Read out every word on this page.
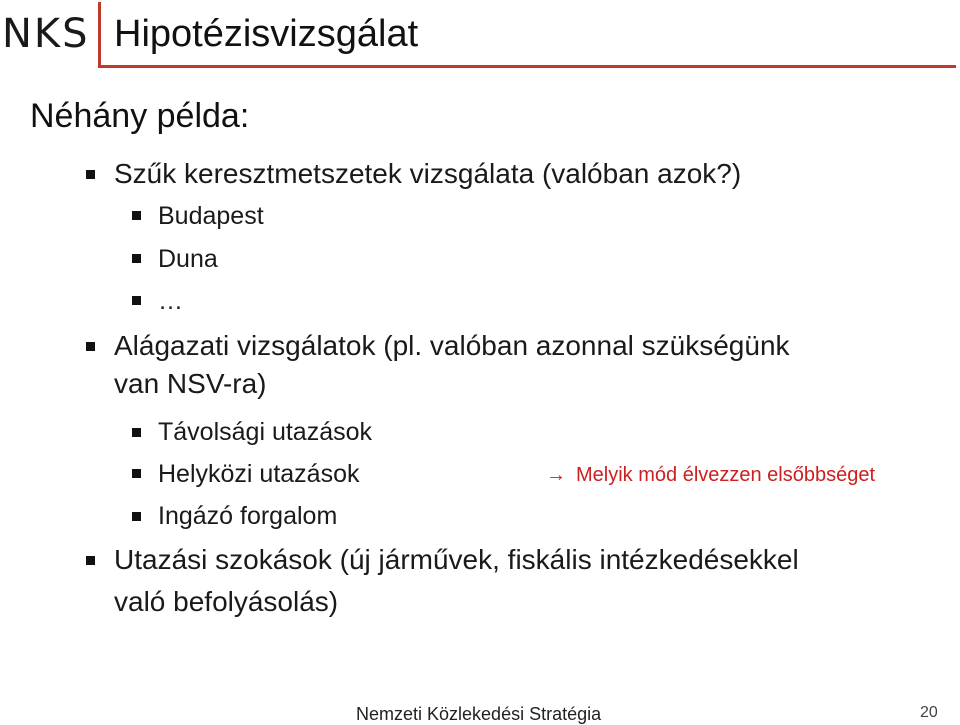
NKS Hipotézisvizsgálat
Néhány példa:
Szűk keresztmetszetek vizsgálata (valóban azok?)
Budapest
Duna
…
Alágazati vizsgálatok (pl. valóban azonnal szükségünk
van NSV-ra)
Távolsági utazások
Helyközi utazások
Ingázó forgalom
→ Melyik mód élvezzen elsőbbséget
Utazási szokások (új járművek, fiskális intézkedésekkel
való befolyásolás)
Nemzeti Közlekedési Stratégia	20
